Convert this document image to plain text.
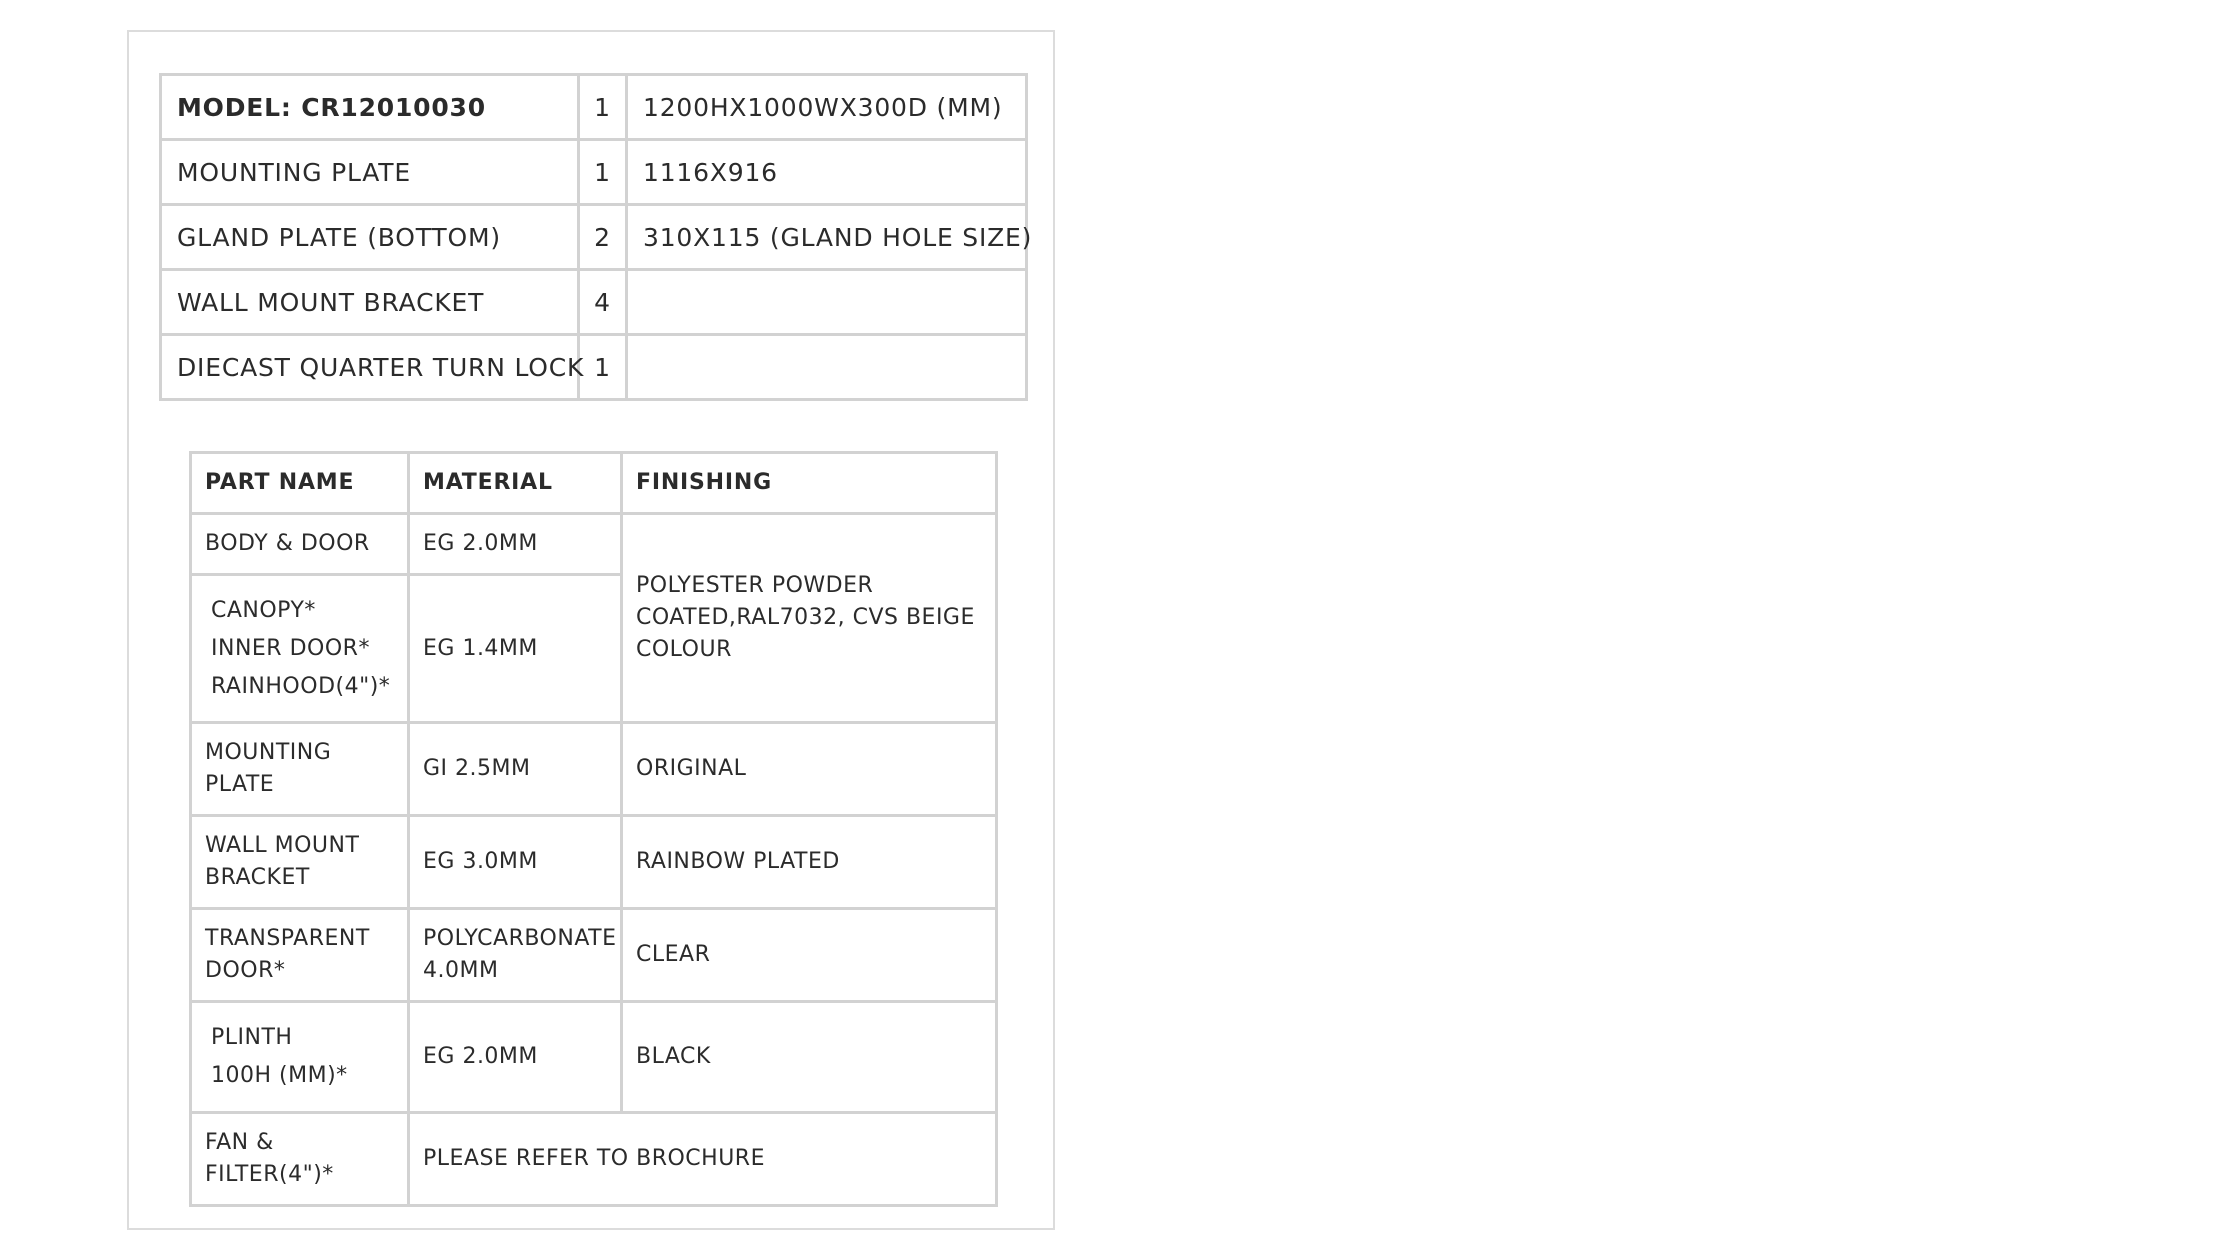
MODEL: CR12010030	1	1200HX1000WX300D (MM)
MOUNTING PLATE	1	1116X916
GLAND PLATE (BOTTOM)	2	310X115 (GLAND HOLE SIZE)
WALL MOUNT BRACKET	4	
DIECAST QUARTER TURN LOCK	1	
PART NAME	MATERIAL	FINISHING
BODY & DOOR	EG 2.0MM	POLYESTER POWDER COATED,RAL7032, CVS BEIGE COLOUR

CANOPY*
INNER DOOR*
RAINHOOD(4")*	EG 1.4MM	
MOUNTING PLATE	GI 2.5MM	ORIGINAL
WALL MOUNT BRACKET	EG 3.0MM	RAINBOW PLATED
TRANSPARENT DOOR*	POLYCARBONATE 4.0MM	CLEAR

PLINTH
100H (MM)*	EG 2.0MM	BLACK
FAN & FILTER(4")*	PLEASE REFER TO BROCHURE	
